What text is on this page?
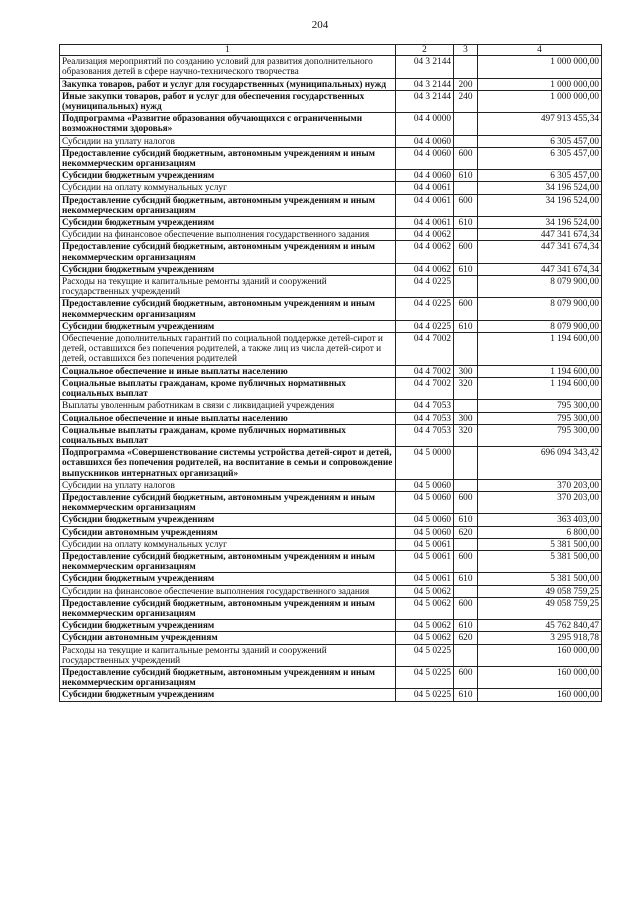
204
1	2	3	4
Реализация мероприятий по созданию условий для развития дополнительного образования детей в сфере научно-технического творчества	04 3 2144		1 000 000,00
Закупка товаров, работ и услуг для государственных (муниципальных) нужд	04 3 2144	200	1 000 000,00
Иные закупки товаров, работ и услуг для обеспечения государственных (муниципальных) нужд	04 3 2144	240	1 000 000,00
Подпрограмма «Развитие образования обучающихся с ограниченными возможностями здоровья»	04 4 0000		497 913 455,34
Субсидии на уплату налогов	04 4 0060		6 305 457,00
Предоставление субсидий бюджетным, автономным учреждениям и иным некоммерческим организациям	04 4 0060	600	6 305 457,00
Субсидии бюджетным учреждениям	04 4 0060	610	6 305 457,00
Субсидии на оплату коммунальных услуг	04 4 0061		34 196 524,00
Предоставление субсидий бюджетным, автономным учреждениям и иным некоммерческим организациям	04 4 0061	600	34 196 524,00
Субсидии бюджетным учреждениям	04 4 0061	610	34 196 524,00
Субсидии на финансовое обеспечение выполнения государственного задания	04 4 0062		447 341 674,34
Предоставление субсидий бюджетным, автономным учреждениям и иным некоммерческим организациям	04 4 0062	600	447 341 674,34
Субсидии бюджетным учреждениям	04 4 0062	610	447 341 674,34
Расходы на текущие и капитальные ремонты зданий и сооружений государственных учреждений	04 4 0225		8 079 900,00
Предоставление субсидий бюджетным, автономным учреждениям и иным некоммерческим организациям	04 4 0225	600	8 079 900,00
Субсидии бюджетным учреждениям	04 4 0225	610	8 079 900,00
Обеспечение дополнительных гарантий по социальной поддержке детей-сирот и детей, оставшихся без попечения родителей, а также лиц из числа детей-сирот и детей, оставшихся без попечения родителей	04 4 7002		1 194 600,00
Социальное обеспечение и иные выплаты населению	04 4 7002	300	1 194 600,00
Социальные выплаты гражданам, кроме публичных нормативных социальных выплат	04 4 7002	320	1 194 600,00
Выплаты уволенным работникам в связи с ликвидацией учреждения	04 4 7053		795 300,00
Социальное обеспечение и иные выплаты населению	04 4 7053	300	795 300,00
Социальные выплаты гражданам, кроме публичных нормативных социальных выплат	04 4 7053	320	795 300,00
Подпрограмма «Совершенствование системы устройства детей-сирот и детей, оставшихся без попечения родителей, на воспитание в семьи и сопровождение выпускников интернатных организаций»	04 5 0000		696 094 343,42
Субсидии на уплату налогов	04 5 0060		370 203,00
Предоставление субсидий бюджетным, автономным учреждениям и иным некоммерческим организациям	04 5 0060	600	370 203,00
Субсидии бюджетным учреждениям	04 5 0060	610	363 403,00
Субсидии автономным учреждениям	04 5 0060	620	6 800,00
Субсидии на оплату коммунальных услуг	04 5 0061		5 381 500,00
Предоставление субсидий бюджетным, автономным учреждениям и иным некоммерческим организациям	04 5 0061	600	5 381 500,00
Субсидии бюджетным учреждениям	04 5 0061	610	5 381 500,00
Субсидии на финансовое обеспечение выполнения государственного задания	04 5 0062		49 058 759,25
Предоставление субсидий бюджетным, автономным учреждениям и иным некоммерческим организациям	04 5 0062	600	49 058 759,25
Субсидии бюджетным учреждениям	04 5 0062	610	45 762 840,47
Субсидии автономным учреждениям	04 5 0062	620	3 295 918,78
Расходы на текущие и капитальные ремонты зданий и сооружений государственных учреждений	04 5 0225		160 000,00
Предоставление субсидий бюджетным, автономным учреждениям и иным некоммерческим организациям	04 5 0225	600	160 000,00
Субсидии бюджетным учреждениям	04 5 0225	610	160 000,00
